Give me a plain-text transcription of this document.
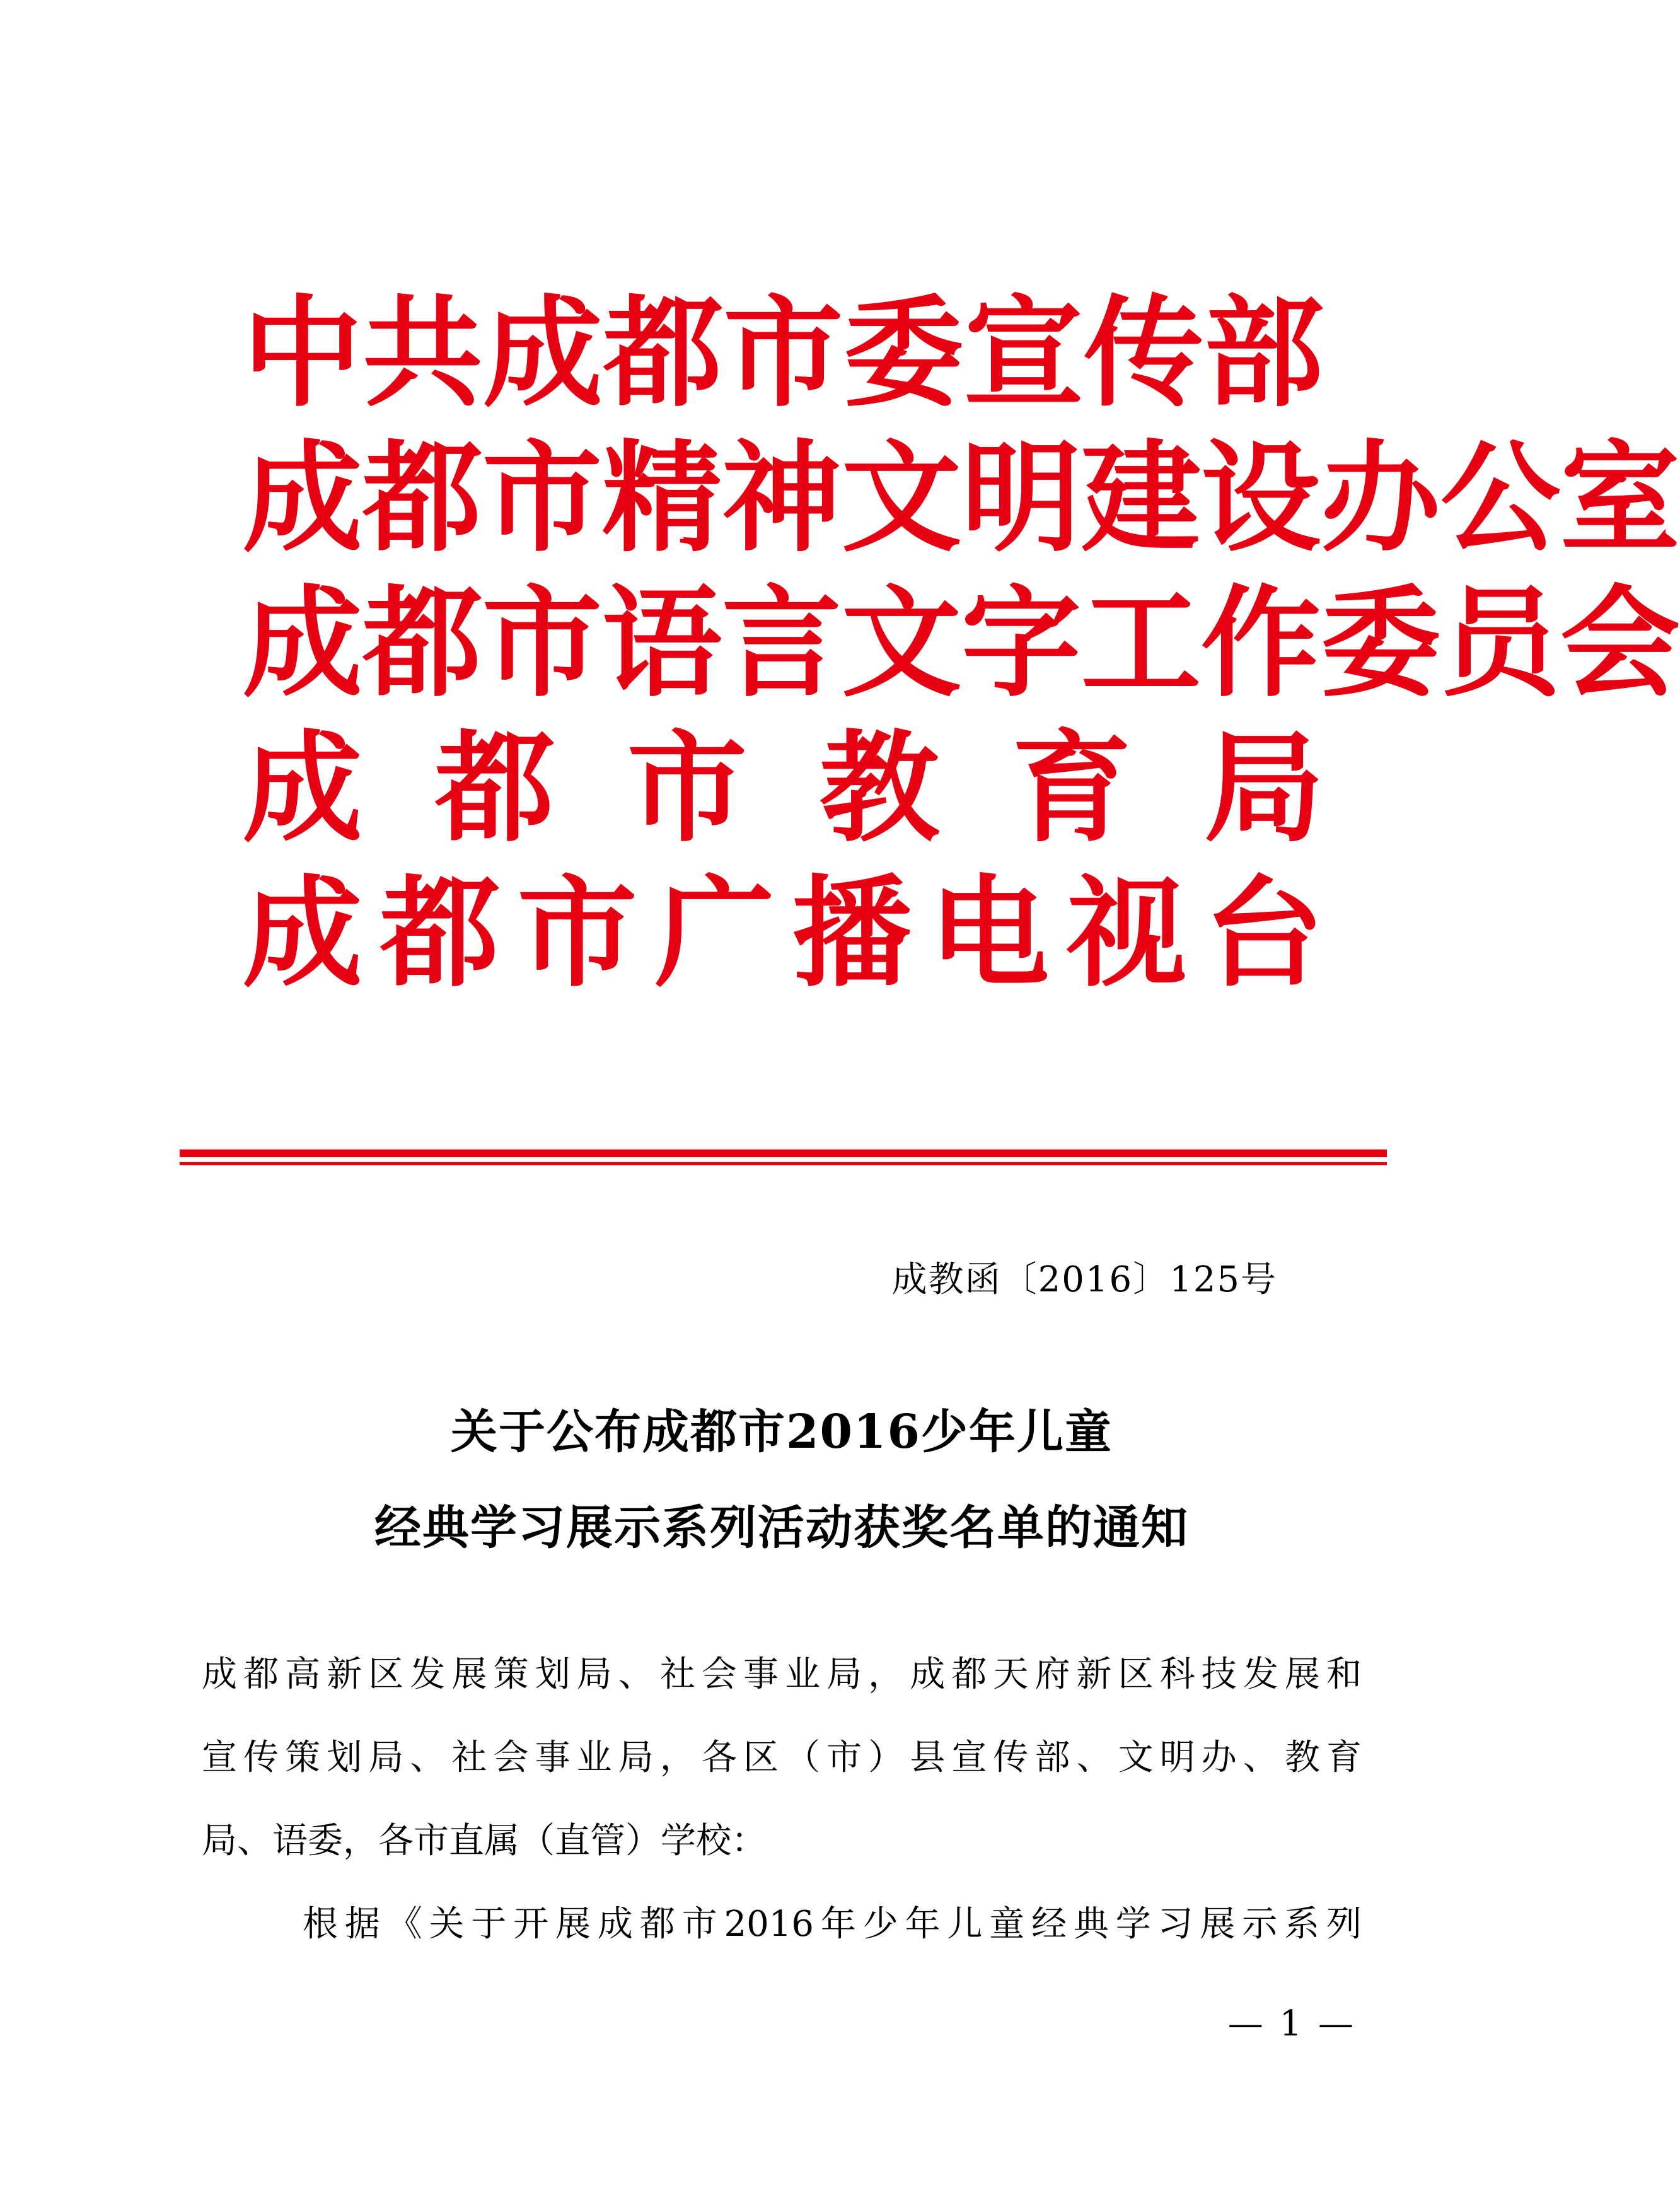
中共成都市委宣传部
成都市精神文明建设办公室
成都市语言文字工作委员会
成都市教育局
成都市广播电视台
成教函〔2016〕125号
关于公布成都市2016少年儿童
经典学习展示系列活动获奖名单的通知
成都高新区发展策划局、社会事业局，成都天府新区科技发展和
宣传策划局、社会事业局，各区（市）县宣传部、文明办、教育
局、语委，各市直属（直管）学校：
根据《关于开展成都市2016年少年儿童经典学习展示系列
— 1 —
